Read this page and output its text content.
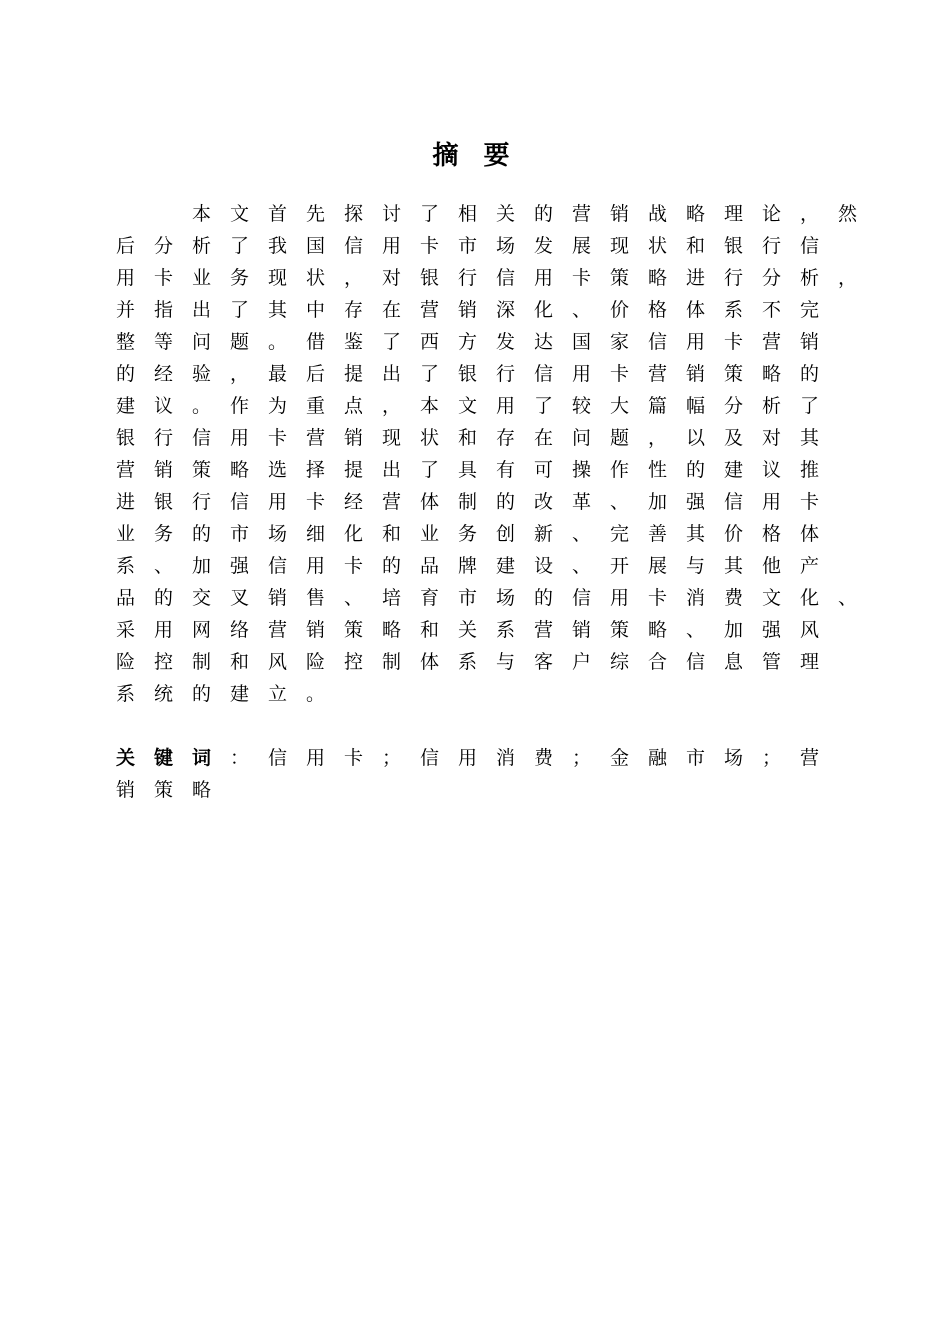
摘 要
　　本文首先探讨了相关的营销战略理论，然
后分析了我国信用卡市场发展现状和银行信
用卡业务现状，对银行信用卡策略进行分析，
并指出了其中存在营销深化、价格体系不完
整等问题。借鉴了西方发达国家信用卡营销
的经验，最后提出了银行信用卡营销策略的
建议。作为重点，本文用了较大篇幅分析了
银行信用卡营销现状和存在问题，以及对其
营销策略选择提出了具有可操作性的建议推
进银行信用卡经营体制的改革、加强信用卡
业务的市场细化和业务创新、完善其价格体
系、加强信用卡的品牌建设、开展与其他产
品的交叉销售、培育市场的信用卡消费文化、
采用网络营销策略和关系营销策略、加强风
险控制和风险控制体系与客户综合信息管理
系统的建立。
关键词：信用卡；信用消费；金融市场；营
销策略
